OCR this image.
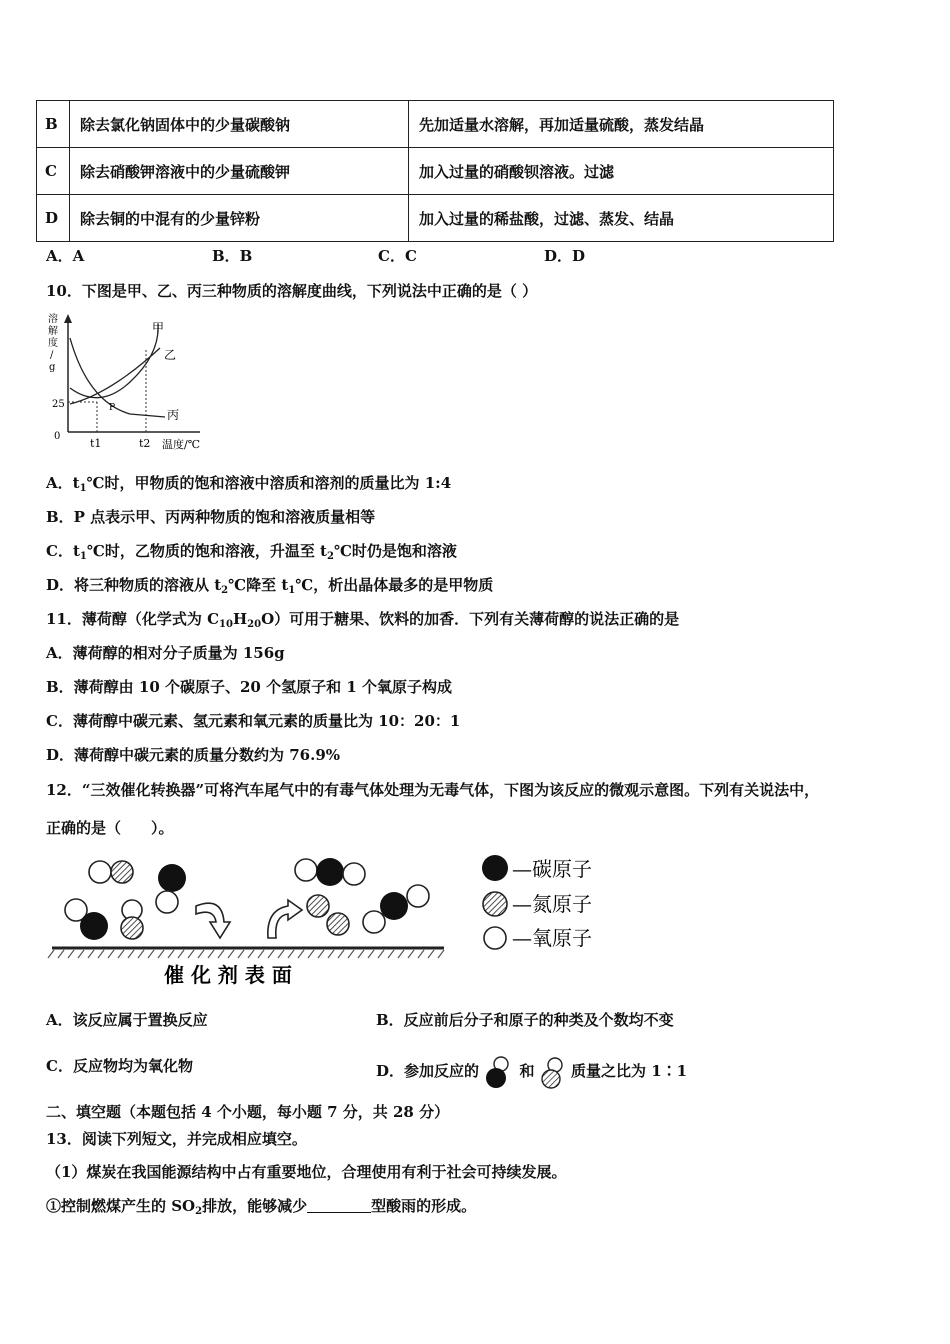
B	除去氯化钠固体中的少量碳酸钠	先加适量水溶解，再加适量硫酸，蒸发结晶
C	除去硝酸钾溶液中的少量硫酸钾	加入过量的硝酸钡溶液。过滤
D	除去铜的中混有的少量锌粉	加入过量的稀盐酸，过滤、蒸发、结晶
A．A	B．B	C．C	D．D
10．下图是甲、乙、丙三种物质的溶解度曲线，下列说法中正确的是（ ）
溶
解
度
/
g
甲
乙
丙
P
25
0
t1	t2 温度/℃
A．$t_1℃$时，甲物质的饱和溶液中溶质和溶剂的质量比为 1:4
B．P 点表示甲、丙两种物质的饱和溶液质量相等
C．$t_1℃$时，乙物质的饱和溶液，升温至 $t_2℃$时仍是饱和溶液
D．将三种物质的溶液从 $t_2℃$降至 $t_1℃$，析出晶体最多的是甲物质
11．薄荷醇（化学式为 $C_{10}H_{20}O$）可用于糖果、饮料的加香．下列有关薄荷醇的说法正确的是
A．薄荷醇的相对分子质量为 156g
B．薄荷醇由 10 个碳原子、20 个氢原子和 1 个氧原子构成
C．薄荷醇中碳元素、氢元素和氧元素的质量比为 10：20：1
D．薄荷醇中碳元素的质量分数约为 76.9%
12．“三效催化转换器”可将汽车尾气中的有毒气体处理为无毒气体，下图为该反应的微观示意图。下列有关说法中，
正确的是（　　）。
催 化 剂 表 面
—碳原子
—氮原子
—氧原子
A．该反应属于置换反应	B．反应前后分子和原子的种类及个数均不变
C．反应物均为氧化物	D．参加反应的	和 质量之比为 1∶1
二、填空题（本题包括 4 个小题，每小题 7 分，共 28 分）
13．阅读下列短文，并完成相应填空。
（1）煤炭在我国能源结构中占有重要地位，合理使用有利于社会可持续发展。
①控制燃煤产生的 $SO_2$排放，能够减少	型酸雨的形成。
